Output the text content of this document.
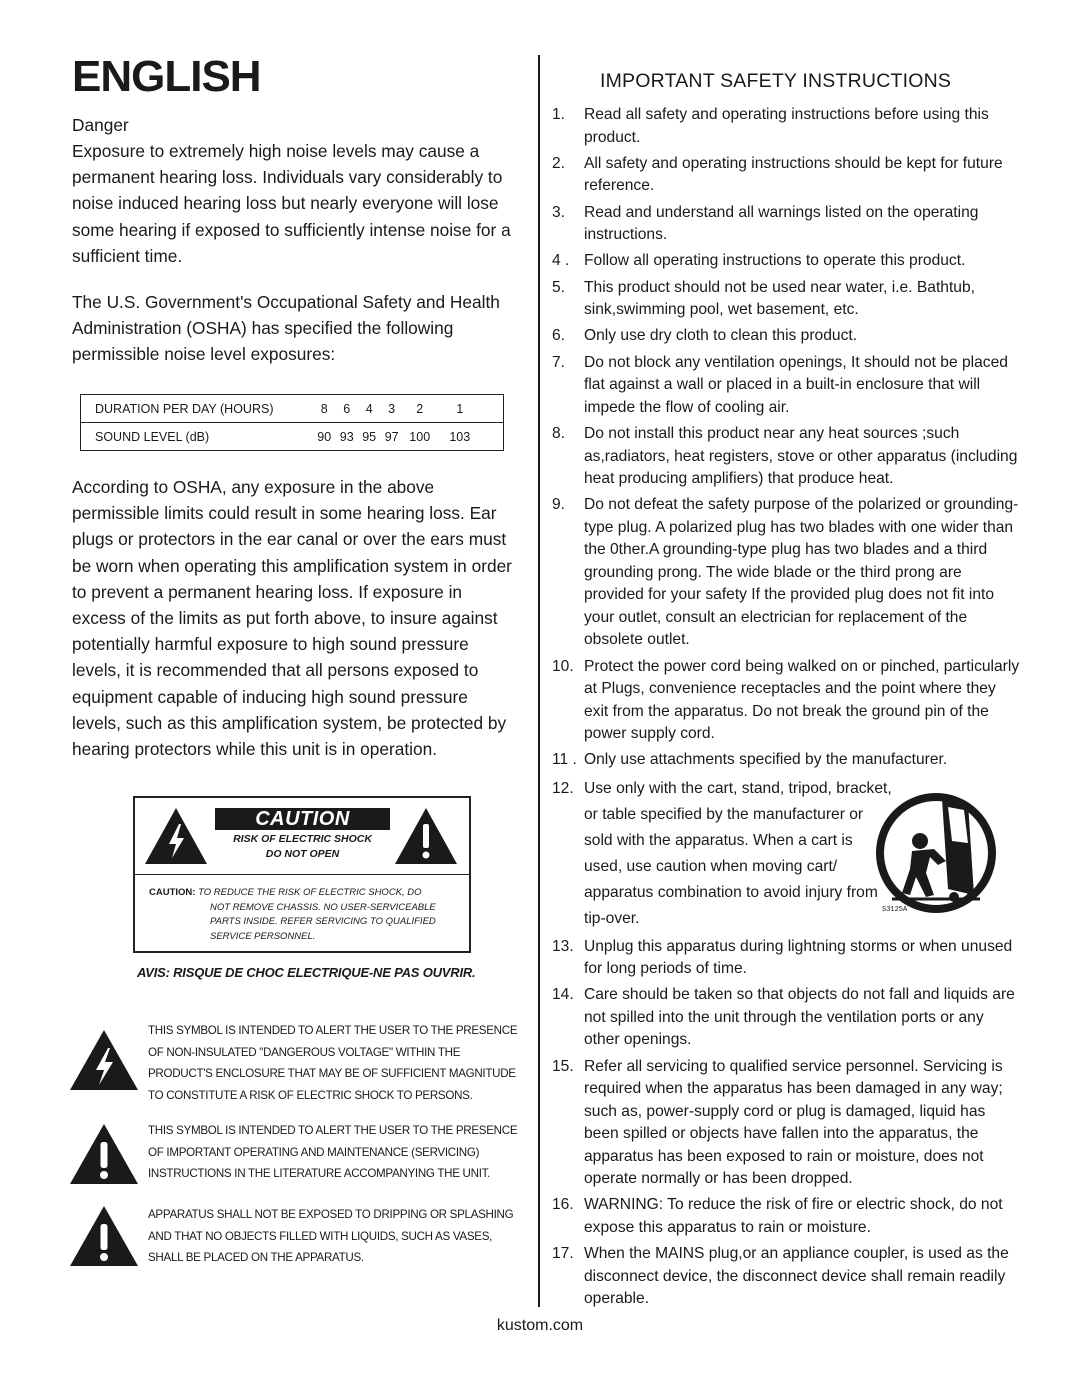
ENGLISH

Danger

Exposure to extremely high noise levels may cause a permanent hearing loss. Individuals vary considerably to noise induced hearing loss but nearly everyone will lose some hearing if exposed to sufficiently intense noise for a sufficient time.

The U.S. Government's Occupational Safety and Health Administration (OSHA) has specified the following permissible noise level exposures:

DURATION PER DAY (HOURS)	8	6	4	3	2	1
SOUND LEVEL (dB)	90	93	95	97	100	103

According to OSHA, any exposure in the above permissible limits could result in some hearing loss. Ear plugs or protectors in the ear canal or over the ears must be worn when operating this amplification system in order to prevent a permanent hearing loss. If exposure in excess of the limits as put forth above, to insure against potentially harmful exposure to high sound pressure levels, it is recommended that all persons exposed to equipment capable of inducing high sound pressure levels, such as this amplification system, be protected by hearing protectors while this unit is in operation.

CAUTION
RISK OF ELECTRIC SHOCK
DO NOT OPEN
CAUTION: TO REDUCE THE RISK OF ELECTRIC SHOCK, DO
NOT REMOVE CHASSIS. NO USER-SERVICEABLE
PARTS INSIDE. REFER SERVICING TO QUALIFIED
SERVICE PERSONNEL.
AVIS: RISQUE DE CHOC ELECTRIQUE-NE PAS OUVRIR.
THIS SYMBOL IS INTENDED TO ALERT THE USER TO THE PRESENCE OF NON-INSULATED "DANGEROUS VOLTAGE" WITHIN THE PRODUCT'S ENCLOSURE THAT MAY BE OF SUFFICIENT MAGNITUDE TO CONSTITUTE A RISK OF ELECTRIC SHOCK TO PERSONS.
THIS SYMBOL IS INTENDED TO ALERT THE USER TO THE PRESENCE OF IMPORTANT OPERATING AND MAINTENANCE (SERVICING) INSTRUCTIONS IN THE LITERATURE ACCOMPANYING THE UNIT.
APPARATUS SHALL NOT BE EXPOSED TO DRIPPING OR SPLASHING AND THAT NO OBJECTS FILLED WITH LIQUIDS, SUCH AS VASES, SHALL BE PLACED ON THE APPARATUS.
IMPORTANT SAFETY INSTRUCTIONS
1. Read all safety and operating instructions before using this product.
2. All safety and operating instructions should be kept for future reference.
3. Read and understand all warnings listed on the operating instructions.
4 . Follow all operating instructions to operate this product.
5. This product should not be used near water, i.e. Bathtub, sink,swimming pool, wet basement, etc.
6. Only use dry cloth to clean this product.
7. Do not block any ventilation openings, It should not be placed flat against a wall or placed in a built-in enclosure that will impede the flow of cooling air.
8. Do not install this product near any heat sources ;such as,radiators, heat registers, stove or other apparatus (including heat producing amplifiers) that produce heat.
9. Do not defeat the safety purpose of the polarized or grounding-type plug. A polarized plug has two blades with one wider than the 0ther.A grounding-type plug has two blades and a third grounding prong. The wide blade or the third prong are provided for your safety If the provided plug does not fit into your outlet, consult an electrician for replacement of the obsolete outlet.
10. Protect the power cord being walked on or pinched, particularly at Plugs, convenience receptacles and the point where they exit from the apparatus. Do not break the ground pin of the power supply cord.
11 . Only use attachments specified by the manufacturer.
12. Use only with the cart, stand, tripod, bracket, or table specified by the manufacturer or sold with the apparatus. When a cart is used, use caution when moving cart/ apparatus combination to avoid injury from tip-over.
13. Unplug this apparatus during lightning storms or when unused for long periods of time.
14. Care should be taken so that objects do not fall and liquids are not spilled into the unit through the ventilation ports or any other openings.
15. Refer all servicing to qualified service personnel. Servicing is required when the apparatus has been damaged in any way; such as, power-supply cord or plug is damaged, liquid has been spilled or objects have fallen into the apparatus, the apparatus has been exposed to rain or moisture, does not operate normally or has been dropped.
16. WARNING: To reduce the risk of fire or electric shock, do not expose this apparatus to rain or moisture.
17. When the MAINS plug,or an appliance coupler, is used as the disconnect device, the disconnect device shall remain readily operable.
S3125A
kustom.com
